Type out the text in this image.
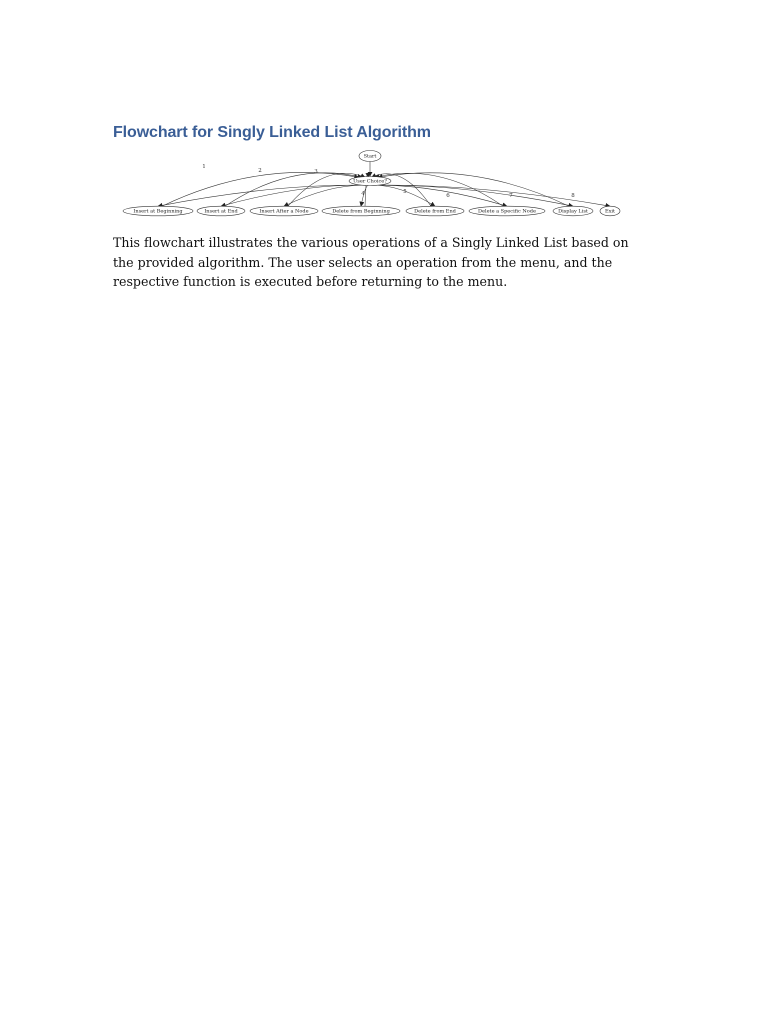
Flowchart for Singly Linked List Algorithm
1
2	3
4	5
6	7	8
Start
User Choice?
Insert at Beginning	Insert at End	Insert After a Node	Delete from Beginning	Delete from End	Delete a Specific Node	Display List	Exit

This flowchart illustrates the various operations of a Singly Linked List based on the provided algorithm. The user selects an operation from the menu, and the respective function is executed before returning to the menu.
